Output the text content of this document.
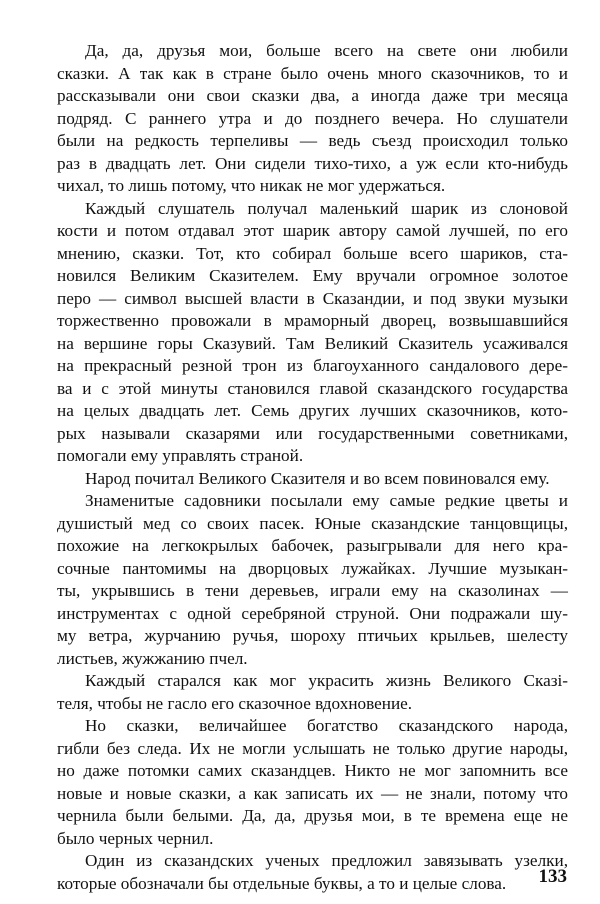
Да, да, друзья мои, больше всего на свете они любили
сказки. А так как в стране было очень много сказочников, то и
рассказывали они свои сказки два, а иногда даже три месяца
подряд. С раннего утра и до позднего вечера. Но слушатели
были на редкость терпеливы — ведь съезд происходил только
раз в двадцать лет. Они сидели тихо-тихо, а уж если кто-нибудь
чихал, то лишь потому, что никак не мог удержаться.
Каждый слушатель получал маленький шарик из слоновой
кости и потом отдавал этот шарик автору самой лучшей, по его
мнению, сказки. Тот, кто собирал больше всего шариков, ста-
новился Великим Сказителем. Ему вручали огромное золотое
перо — символ высшей власти в Сказандии, и под звуки музыки
торжественно провожали в мраморный дворец, возвышавшийся
на вершине горы Сказувий. Там Великий Сказитель усаживался
на прекрасный резной трон из благоуханного сандалового дере-
ва и с этой минуты становился главой сказандского государства
на целых двадцать лет. Семь других лучших сказочников, кото-
рых называли сказарями или государственными советниками,
помогали ему управлять страной.
Народ почитал Великого Сказителя и во всем повиновался ему.
Знаменитые садовники посылали ему самые редкие цветы и
душистый мед со своих пасек. Юные сказандские танцовщицы,
похожие на легкокрылых бабочек, разыгрывали для него кра-
сочные пантомимы на дворцовых лужайках. Лучшие музыкан-
ты, укрывшись в тени деревьев, играли ему на сказолинах —
инструментах с одной серебряной струной. Они подражали шу-
му ветра, журчанию ручья, шороху птичьих крыльев, шелесту
листьев, жужжанию пчел.
Каждый старался как мог украсить жизнь Великого Сказі-
теля, чтобы не гасло его сказочное вдохновение.
Но сказки, величайшее богатство сказандского народа,
гибли без следа. Их не могли услышать не только другие народы,
но даже потомки самих сказандцев. Никто не мог запомнить все
новые и новые сказки, а как записать их — не знали, потому что
чернила были белыми. Да, да, друзья мои, в те времена еще не
было черных чернил.
Один из сказандских ученых предложил завязывать узелки,
которые обозначали бы отдельные буквы, а то и целые слова.	133
